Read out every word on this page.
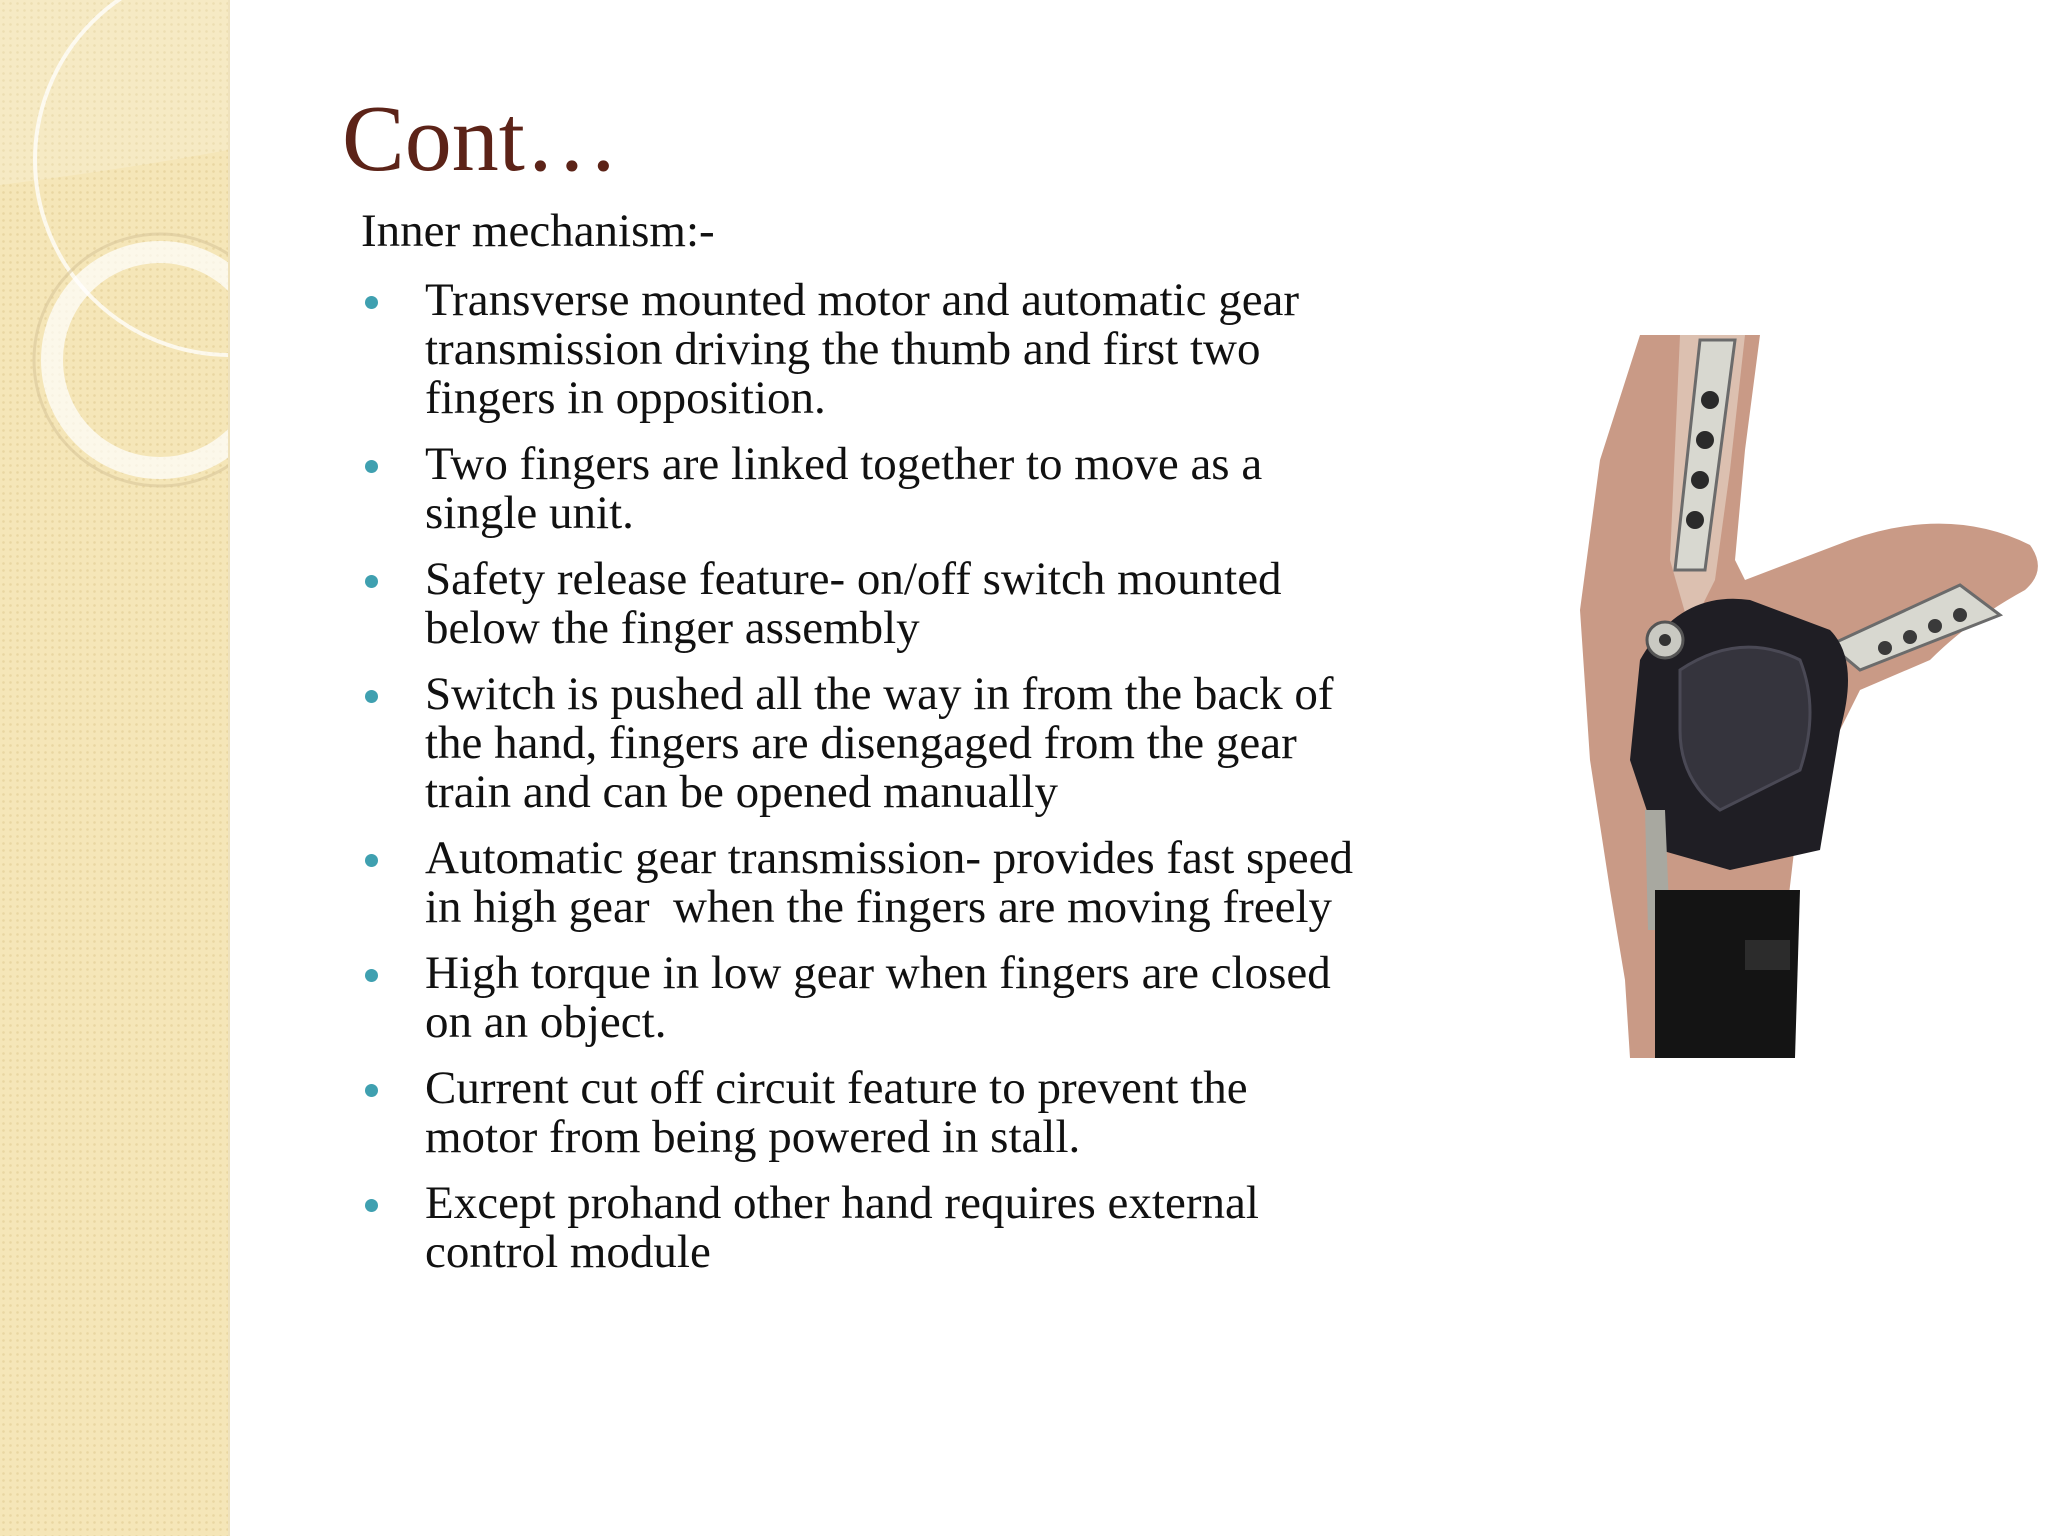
Cont…
Inner mechanism:-
Transverse mounted motor and automatic gear
transmission driving the thumb and first two
fingers in opposition.
Two fingers are linked together to move as a
single unit.
Safety release feature- on/off switch mounted
below the finger assembly
Switch is pushed all the way in from the back of
the hand, fingers are disengaged from the gear
train and can be opened manually
Automatic gear transmission- provides fast speed
in high gear  when the fingers are moving freely
High torque in low gear when fingers are closed
on an object.
Current cut off circuit feature to prevent the
motor from being powered in stall.
Except prohand other hand requires external
control module
